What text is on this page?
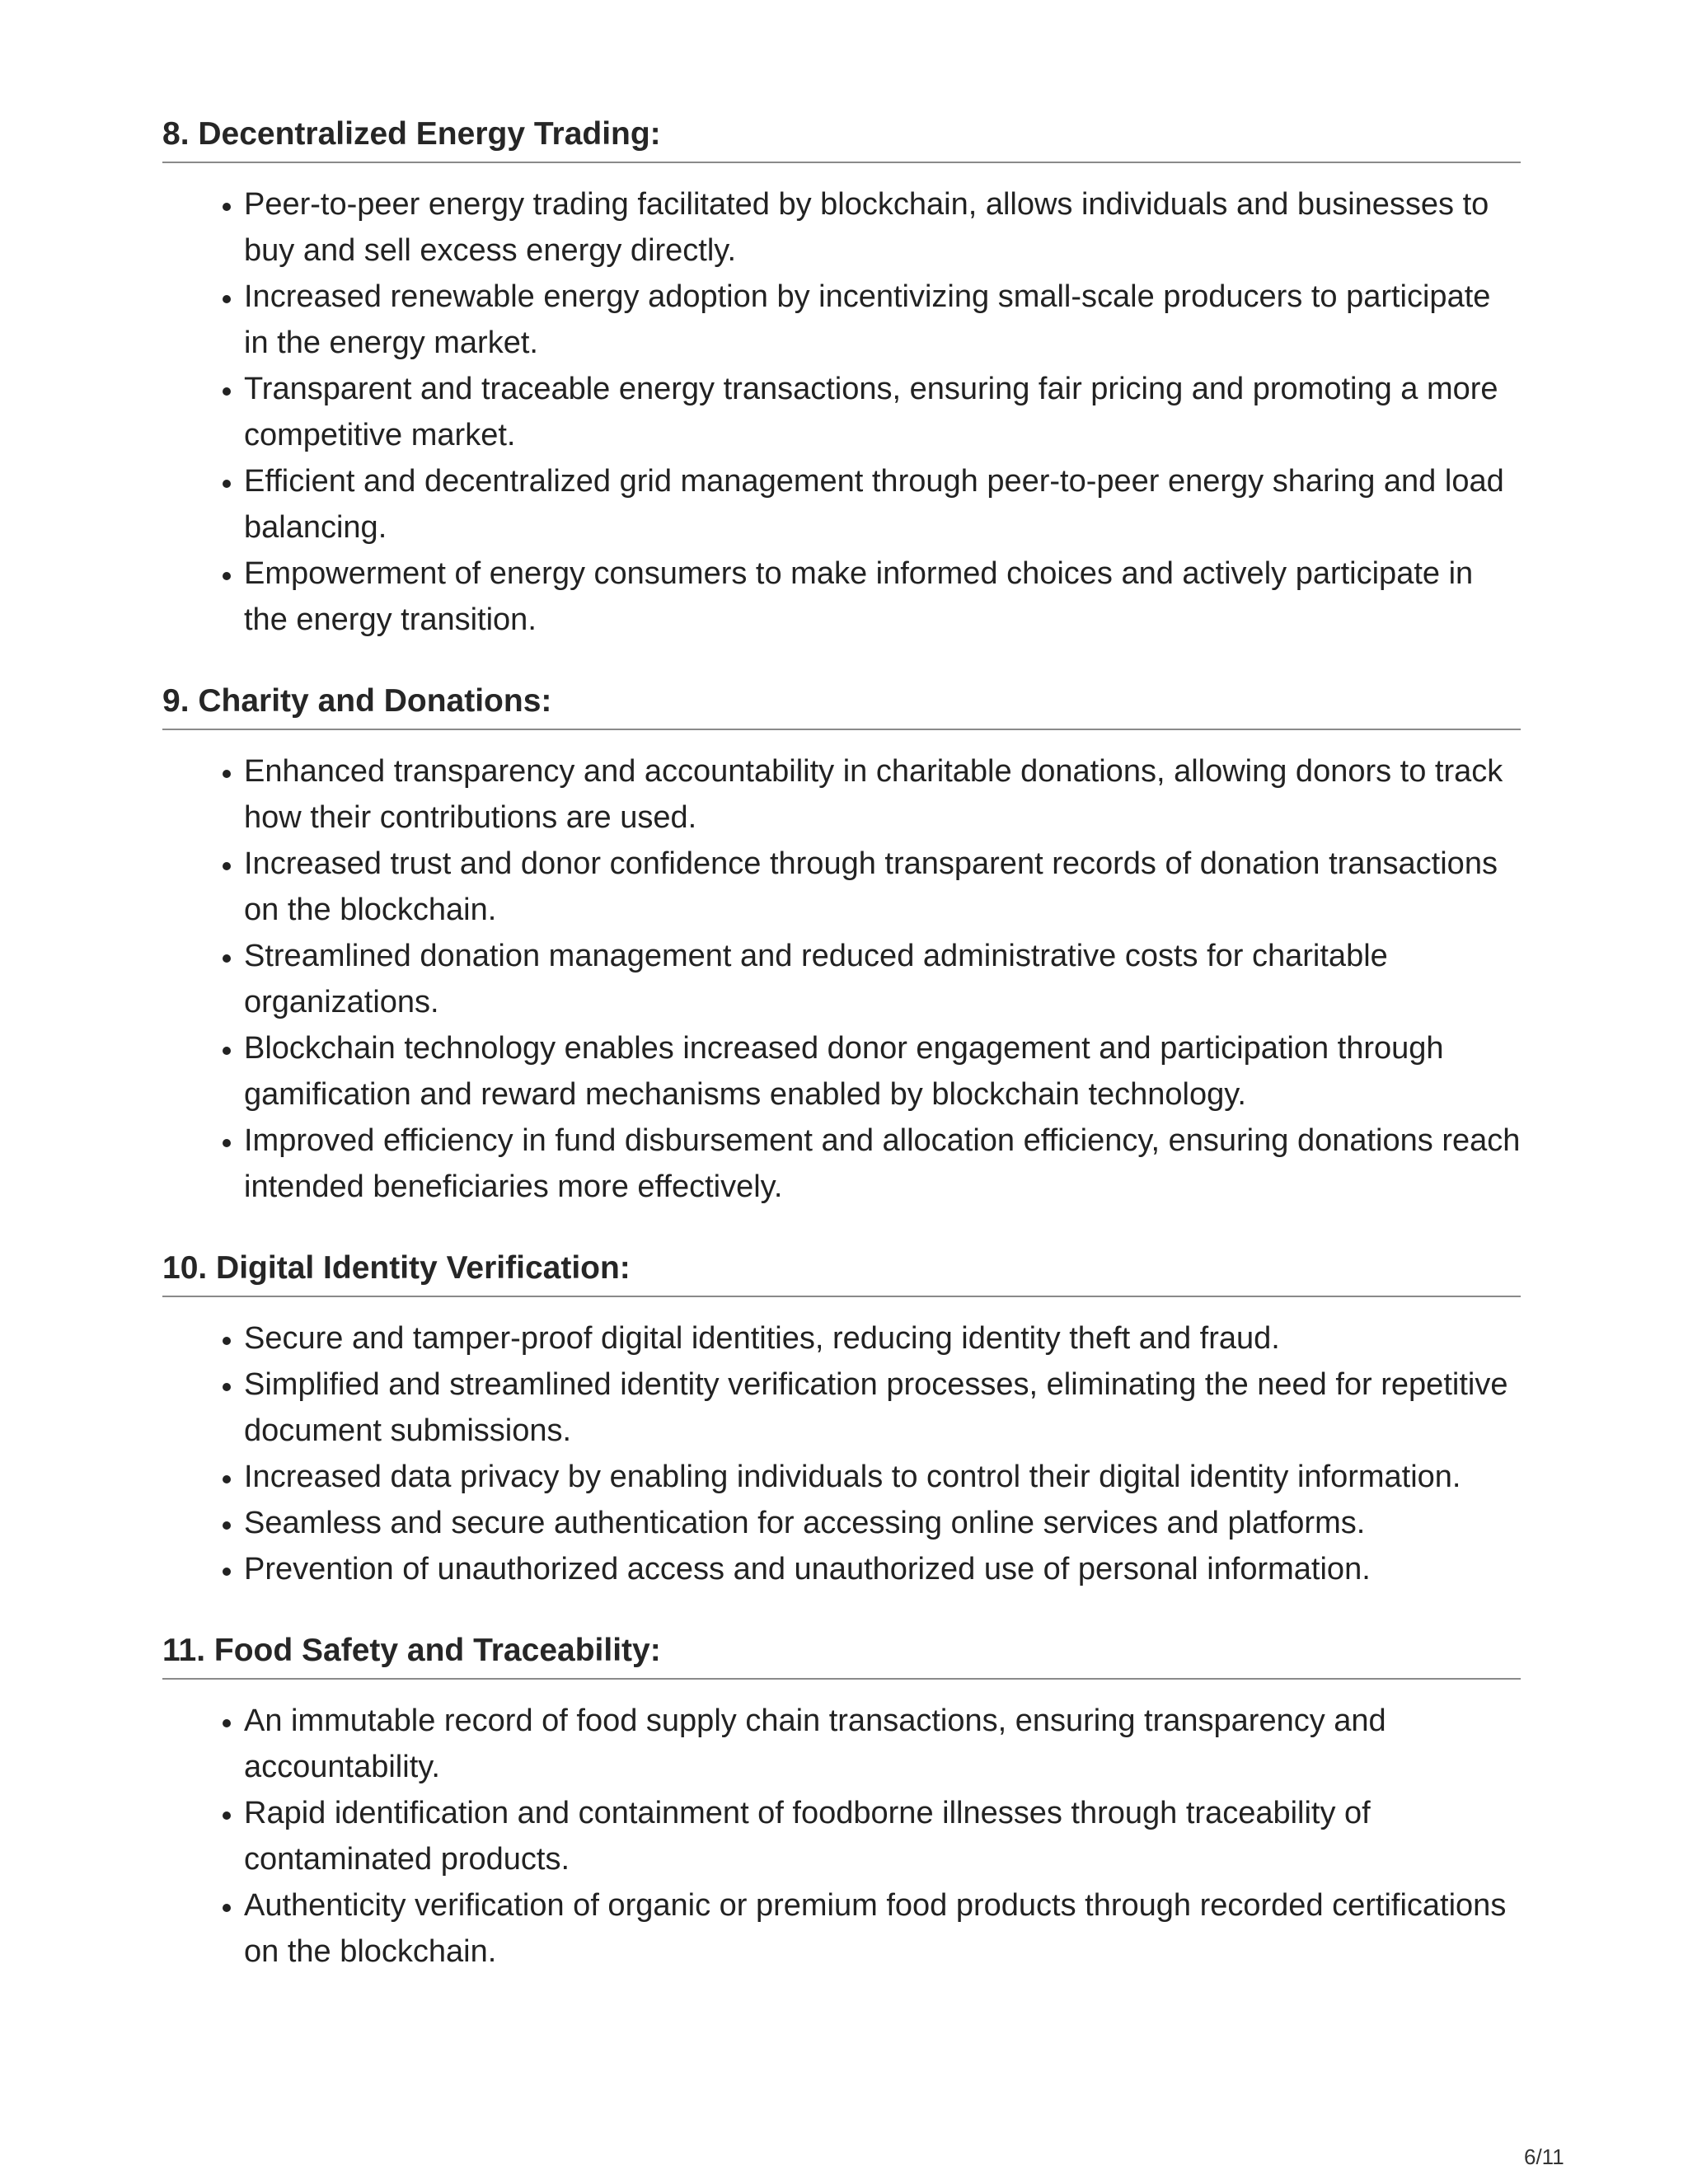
8. Decentralized Energy Trading:
• Peer-to-peer energy trading facilitated by blockchain, allows individuals and businesses to buy and sell excess energy directly.
• Increased renewable energy adoption by incentivizing small-scale producers to participate in the energy market.
• Transparent and traceable energy transactions, ensuring fair pricing and promoting a more competitive market.
• Efficient and decentralized grid management through peer-to-peer energy sharing and load balancing.
• Empowerment of energy consumers to make informed choices and actively participate in the energy transition.
9. Charity and Donations:
• Enhanced transparency and accountability in charitable donations, allowing donors to track how their contributions are used.
• Increased trust and donor confidence through transparent records of donation transactions on the blockchain.
• Streamlined donation management and reduced administrative costs for charitable organizations.
• Blockchain technology enables increased donor engagement and participation through gamification and reward mechanisms enabled by blockchain technology.
• Improved efficiency in fund disbursement and allocation efficiency, ensuring donations reach intended beneficiaries more effectively.
10. Digital Identity Verification:
• Secure and tamper-proof digital identities, reducing identity theft and fraud.
• Simplified and streamlined identity verification processes, eliminating the need for repetitive document submissions.
• Increased data privacy by enabling individuals to control their digital identity information.
• Seamless and secure authentication for accessing online services and platforms.
• Prevention of unauthorized access and unauthorized use of personal information.
11. Food Safety and Traceability:
• An immutable record of food supply chain transactions, ensuring transparency and accountability.
• Rapid identification and containment of foodborne illnesses through traceability of contaminated products.
• Authenticity verification of organic or premium food products through recorded certifications on the blockchain.
6/11
